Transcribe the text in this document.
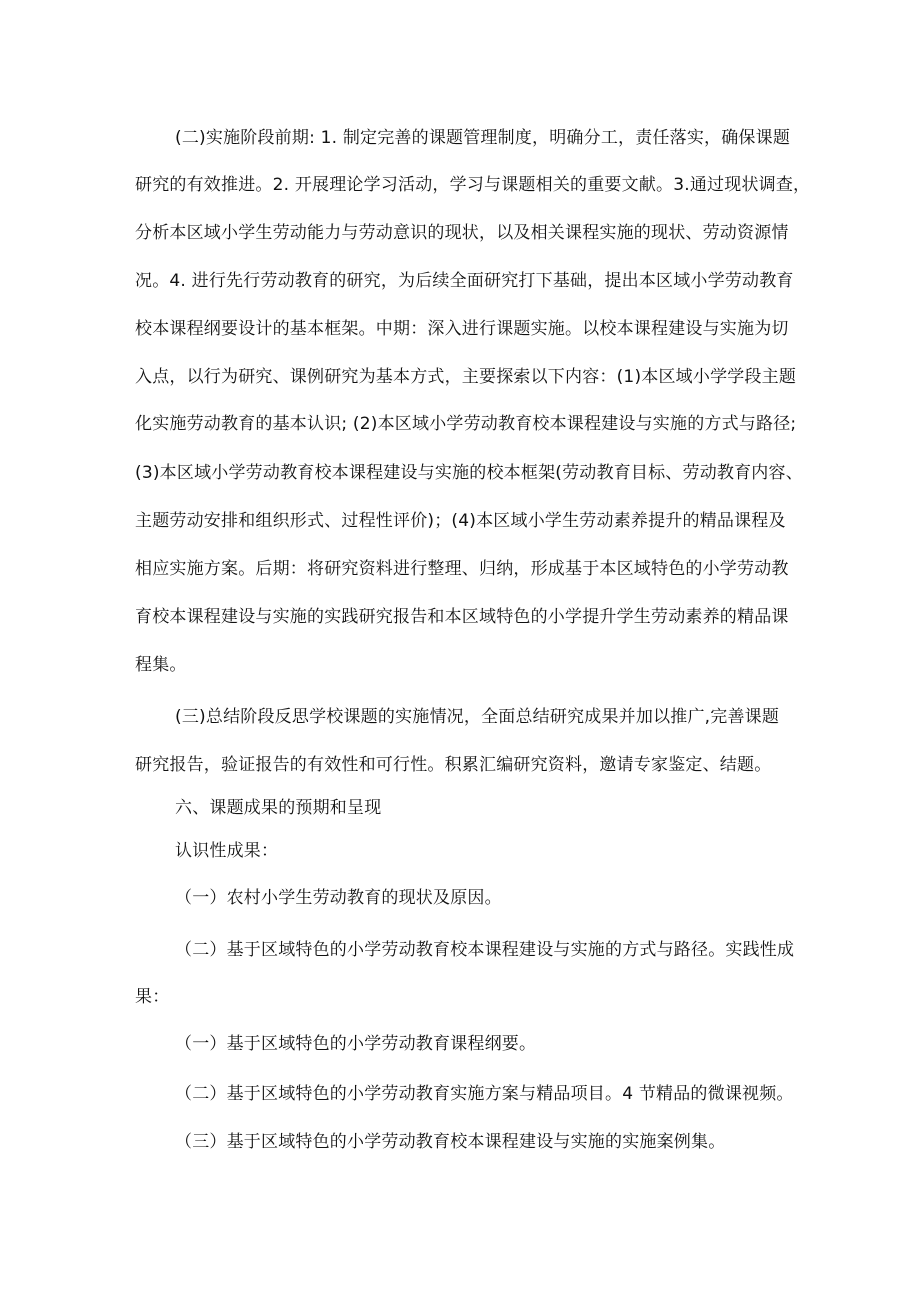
(二)实施阶段前期: 1. 制定完善的课题管理制度，明确分工，责任落实，确保课题
研究的有效推进。2. 开展理论学习活动，学习与课题相关的重要文献。3.通过现状调查，
分析本区域小学生劳动能力与劳动意识的现状，以及相关课程实施的现状、劳动资源情
况。4. 进行先行劳动教育的研究，为后续全面研究打下基础，提出本区域小学劳动教育
校本课程纲要设计的基本框架。中期：深入进行课题实施。以校本课程建设与实施为切
入点，以行为研究、课例研究为基本方式，主要探索以下内容：(1)本区域小学学段主题
化实施劳动教育的基本认识; (2)本区域小学劳动教育校本课程建设与实施的方式与路径;
(3)本区域小学劳动教育校本课程建设与实施的校本框架(劳动教育目标、劳动教育内容、
主题劳动安排和组织形式、过程性评价)；(4)本区域小学生劳动素养提升的精品课程及
相应实施方案。后期：将研究资料进行整理、归纳，形成基于本区域特色的小学劳动教
育校本课程建设与实施的实践研究报告和本区域特色的小学提升学生劳动素养的精品课
程集。
(三)总结阶段反思学校课题的实施情况，全面总结研究成果并加以推广,完善课题
研究报告，验证报告的有效性和可行性。积累汇编研究资料，邀请专家鉴定、结题。
六、课题成果的预期和呈现
认识性成果：
（一）农村小学生劳动教育的现状及原因。
（二）基于区域特色的小学劳动教育校本课程建设与实施的方式与路径。实践性成
果：
（一）基于区域特色的小学劳动教育课程纲要。
（二）基于区域特色的小学劳动教育实施方案与精品项目。4 节精品的微课视频。
（三）基于区域特色的小学劳动教育校本课程建设与实施的实施案例集。
